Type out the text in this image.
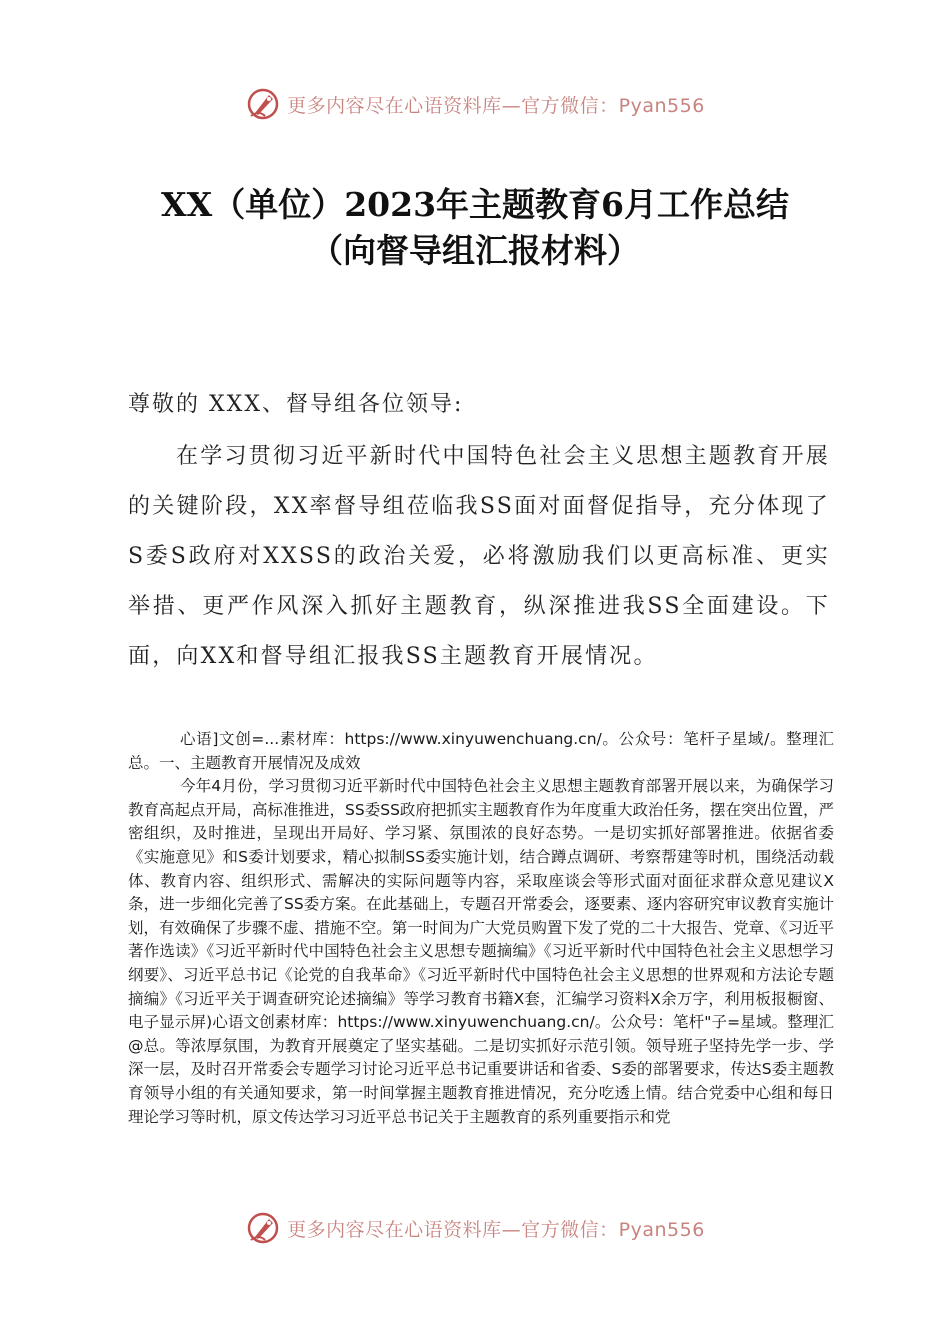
更多内容尽在心语资料库—官方微信：Pyan556
XX（单位）2023年主题教育6月工作总结
（向督导组汇报材料）
尊敬的 XXX、督导组各位领导:

在学习贯彻习近平新时代中国特色社会主义思想主题教育开展的关键阶段，XX率督导组莅临我SS面对面督促指导，充分体现了S委S政府对XXSS的政治关爱，必将激励我们以更高标准、更实举措、更严作风深入抓好主题教育，纵深推进我SS全面建设。下面，向XX和督导组汇报我SS主题教育开展情况。

心语]文创=...素材库：https://www.xinyuwenchuang.cn/。公众号：笔杆子星域/。整理汇总。一、主题教育开展情况及成效

今年4月份，学习贯彻习近平新时代中国特色社会主义思想主题教育部署开展以来，为确保学习教育高起点开局，高标准推进，SS委SS政府把抓实主题教育作为年度重大政治任务，摆在突出位置，严密组织，及时推进，呈现出开局好、学习紧、氛围浓的良好态势。一是切实抓好部署推进。依据省委《实施意见》和S委计划要求，精心拟制SS委实施计划，结合蹲点调研、考察帮建等时机，围绕活动载体、教育内容、组织形式、需解决的实际问题等内容，采取座谈会等形式面对面征求群众意见建议X条，进一步细化完善了SS委方案。在此基础上，专题召开常委会，逐要素、逐内容研究审议教育实施计划，有效确保了步骤不虚、措施不空。第一时间为广大党员购置下发了党的二十大报告、党章、《习近平著作选读》《习近平新时代中国特色社会主义思想专题摘编》《习近平新时代中国特色社会主义思想学习纲要》、习近平总书记《论党的自我革命》《习近平新时代中国特色社会主义思想的世界观和方法论专题摘编》《习近平关于调查研究论述摘编》等学习教育书籍X套，汇编学习资料X余万字，利用板报橱窗、电子显示屏)心语文创素材库：https://www.xinyuwenchuang.cn/。公众号：笔杆"子=星域。整理汇@总。等浓厚氛围，为教育开展奠定了坚实基础。二是切实抓好示范引领。领导班子坚持先学一步、学深一层，及时召开常委会专题学习讨论习近平总书记重要讲话和省委、S委的部署要求，传达S委主题教育领导小组的有关通知要求，第一时间掌握主题教育推进情况，充分吃透上情。结合党委中心组和每日理论学习等时机，原文传达学习习近平总书记关于主题教育的系列重要指示和党

更多内容尽在心语资料库—官方微信：Pyan556
